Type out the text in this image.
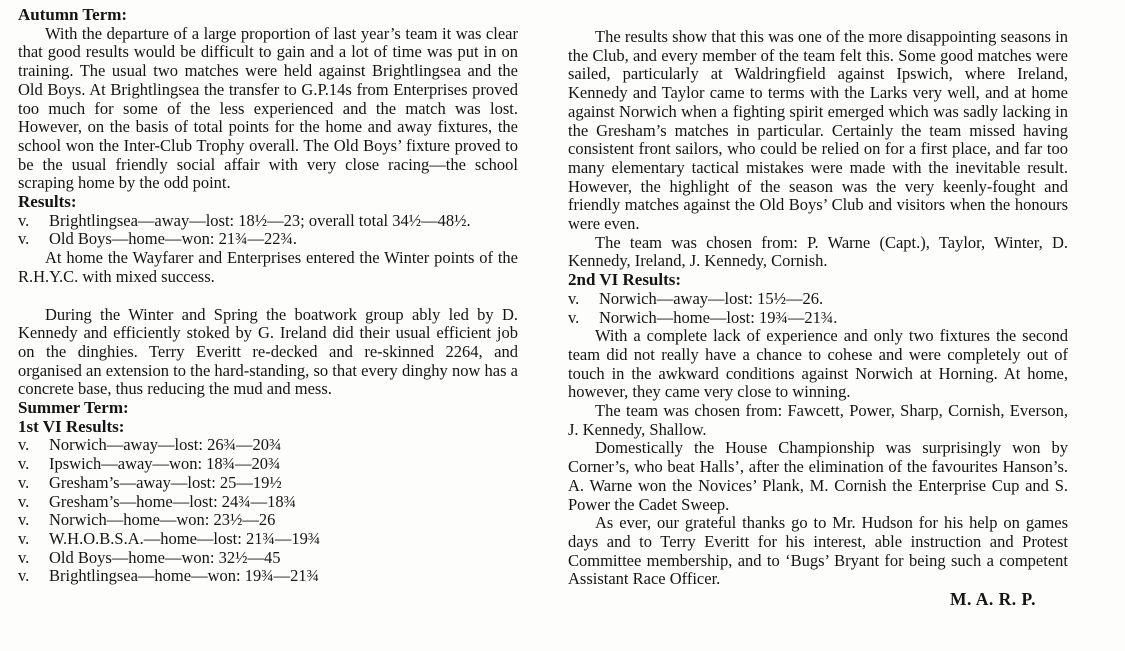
Autumn Term:

With the departure of a large proportion of last year’s team it was clear that good results would be difficult to gain and a lot of time was put in on training. The usual two matches were held against Brightlingsea and the Old Boys. At Brightlingsea the transfer to G.P.14s from Enterprises proved too much for some of the less experienced and the match was lost. However, on the basis of total points for the home and away fixtures, the school won the Inter-Club Trophy overall. The Old Boys’ fixture proved to be the usual friendly social affair with very close racing—the school scraping home by the odd point.

Results:
v.	Brightlingsea—away—lost: 18½—23; overall total 34½—48½.
v.	Old Boys—home—won: 21¾—22¾.

At home the Wayfarer and Enterprises entered the Winter points of the R.H.Y.C. with mixed success.

During the Winter and Spring the boatwork group ably led by D. Kennedy and efficiently stoked by G. Ireland did their usual efficient job on the dinghies. Terry Everitt re-decked and re-skinned 2264, and organised an extension to the hard-standing, so that every dinghy now has a concrete base, thus reducing the mud and mess.

Summer Term:
1st VI Results:
v.	Norwich—away—lost: 26¾—20¾
v.	Ipswich—away—won: 18¾—20¾
v.	Gresham’s—away—lost: 25—19½
v.	Gresham’s—home—lost: 24¾—18¾
v.	Norwich—home—won: 23½—26
v.	W.H.O.B.S.A.—home—lost: 21¾—19¾
v.	Old Boys—home—won: 32½—45
v.	Brightlingsea—home—won: 19¾—21¾

The results show that this was one of the more disappointing seasons in the Club, and every member of the team felt this. Some good matches were sailed, particularly at Waldringfield against Ipswich, where Ireland, Kennedy and Taylor came to terms with the Larks very well, and at home against Norwich when a fighting spirit emerged which was sadly lacking in the Gresham’s matches in particular. Certainly the team missed having consistent front sailors, who could be relied on for a first place, and far too many elementary tactical mistakes were made with the inevitable result. However, the highlight of the season was the very keenly-fought and friendly matches against the Old Boys’ Club and visitors when the honours were even.

The team was chosen from: P. Warne (Capt.), Taylor, Winter, D. Kennedy, Ireland, J. Kennedy, Cornish.

2nd VI Results:
v.	Norwich—away—lost: 15½—26.
v.	Norwich—home—lost: 19¾—21¾.

With a complete lack of experience and only two fixtures the second team did not really have a chance to cohese and were completely out of touch in the awkward conditions against Norwich at Horning. At home, however, they came very close to winning.

The team was chosen from: Fawcett, Power, Sharp, Cornish, Everson, J. Kennedy, Shallow.

Domestically the House Championship was surprisingly won by Corner’s, who beat Halls’, after the elimination of the favourites Hanson’s. A. Warne won the Novices’ Plank, M. Cornish the Enterprise Cup and S. Power the Cadet Sweep.

As ever, our grateful thanks go to Mr. Hudson for his help on games days and to Terry Everitt for his interest, able instruction and Protest Committee membership, and to ‘Bugs’ Bryant for being such a competent Assistant Race Officer.

M. A. R. P.
